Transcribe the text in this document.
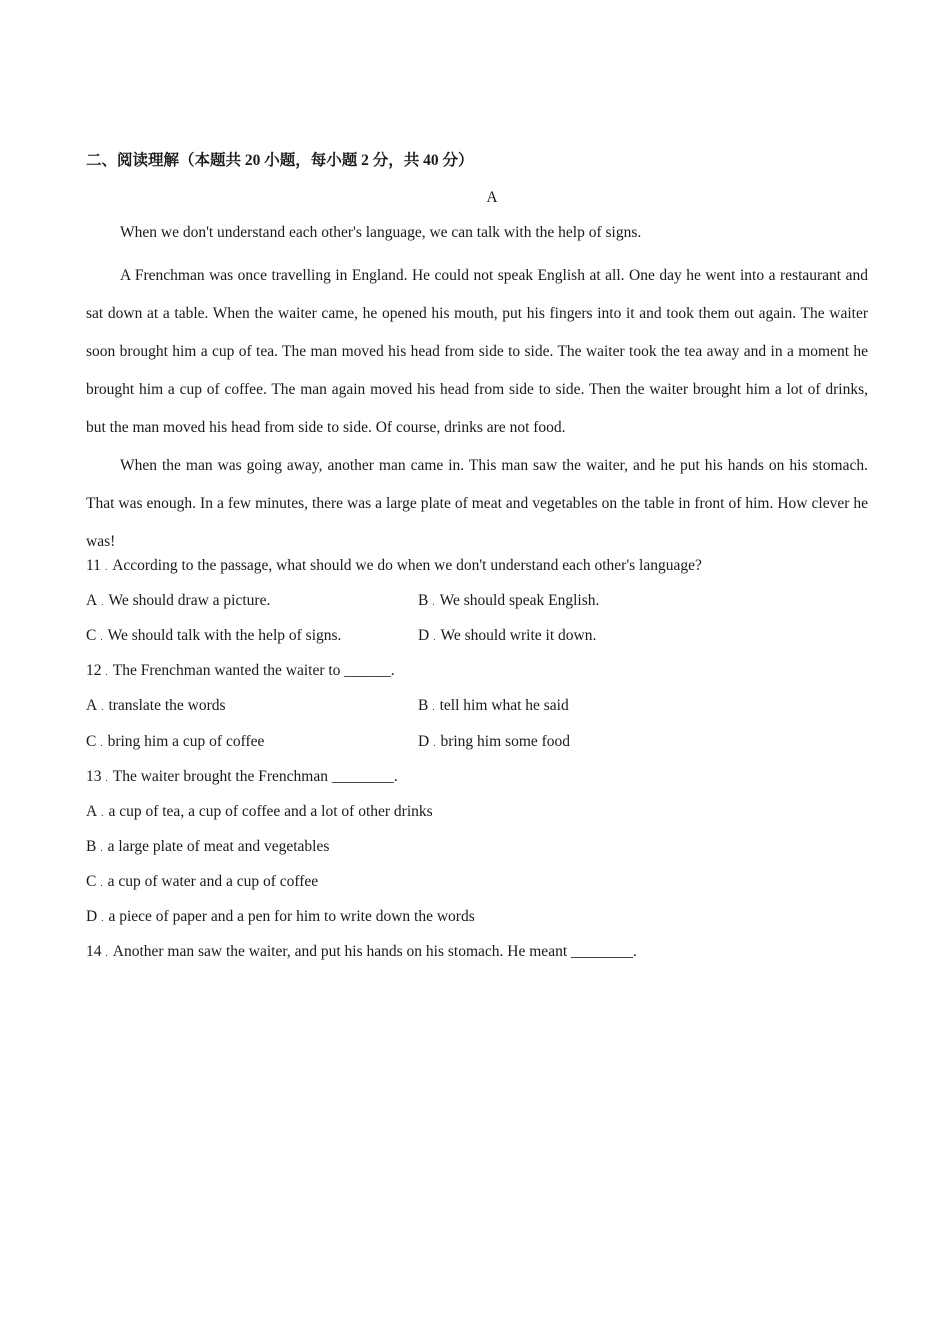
二、阅读理解（本题共 20 小题，每小题 2 分，共 40 分）
A

When we don't understand each other's language, we can talk with the help of signs.

A Frenchman was once travelling in England. He could not speak English at all. One day he went into a restaurant and sat down at a table. When the waiter came, he opened his mouth, put his fingers into it and took them out again. The waiter soon brought him a cup of tea. The man moved his head from side to side. The waiter took the tea away and in a moment he brought him a cup of coffee. The man again moved his head from side to side. Then the waiter brought him a lot of drinks, but the man moved his head from side to side. Of course, drinks are not food.

When the man was going away, another man came in. This man saw the waiter, and he put his hands on his stomach. That was enough. In a few minutes, there was a large plate of meat and vegetables on the table in front of him. How clever he was!

11 . According to the passage, what should we do when we don't understand each other's language?
A . We should draw a picture.	B . We should speak English.
C . We should talk with the help of signs.	D . We should write it down.
12 . The Frenchman wanted the waiter to ______.
A . translate the words	B . tell him what he said
C . bring him a cup of coffee	D . bring him some food
13 . The waiter brought the Frenchman ________.
A . a cup of tea, a cup of coffee and a lot of other drinks
B . a large plate of meat and vegetables
C . a cup of water and a cup of coffee
D . a piece of paper and a pen for him to write down the words
14 . Another man saw the waiter, and put his hands on his stomach. He meant ________.
